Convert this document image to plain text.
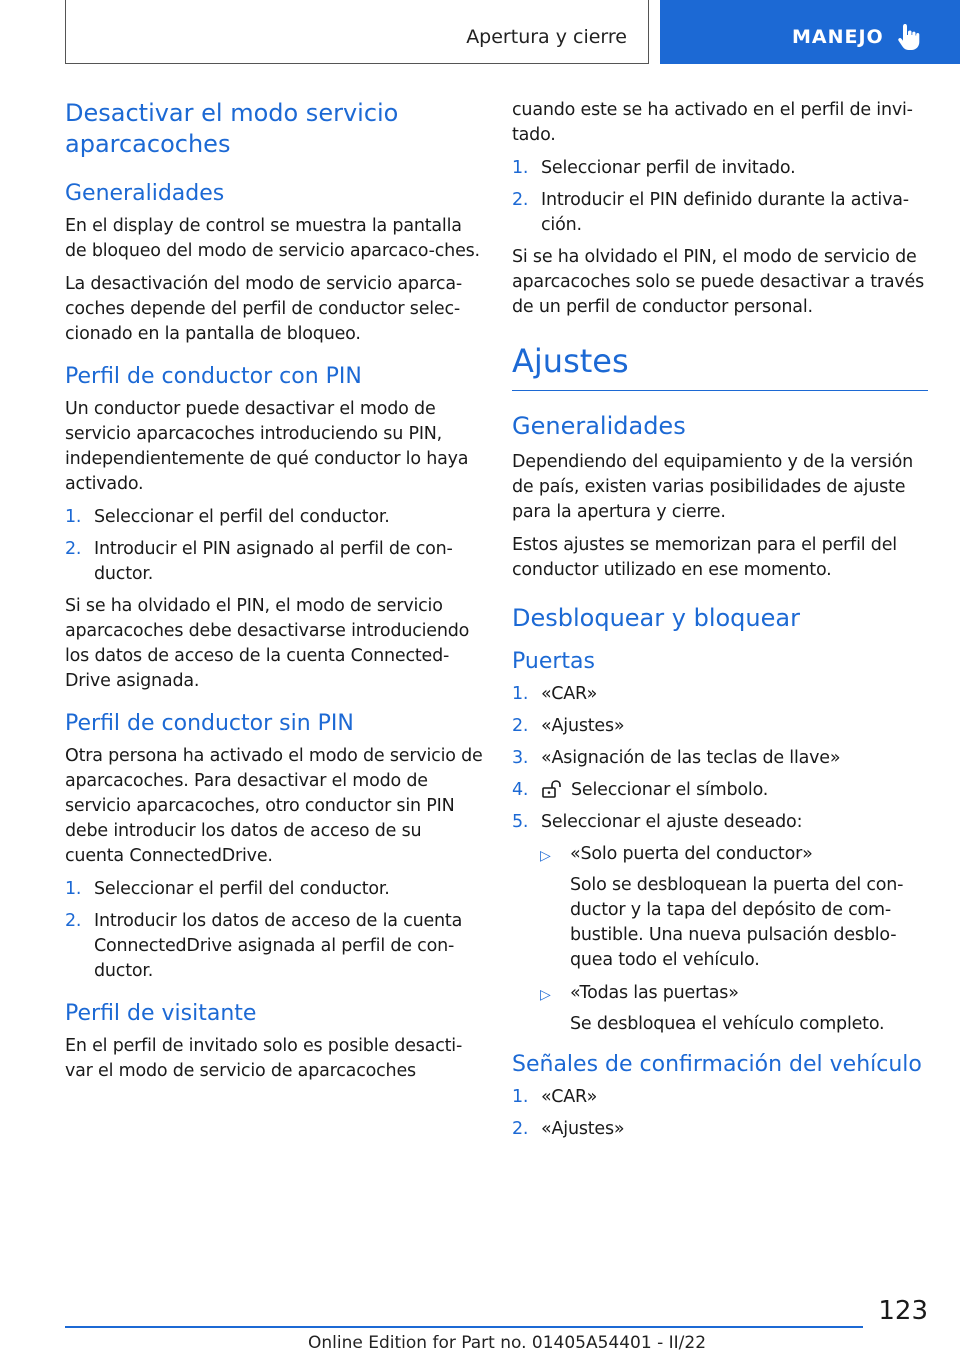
Apertura y cierre	MANEJO
Desactivar el modo servicio aparcacoches
Generalidades

En el display de control se muestra la pantalla de bloqueo del modo de servicio aparcaco-ches.

La desactivación del modo de servicio aparca-coches depende del perfil de conductor selec-cionado en la pantalla de bloqueo.

Perfil de conductor con PIN

Un conductor puede desactivar el modo de servicio aparcacoches introduciendo su PIN, independientemente de qué conductor lo haya activado.

1. Seleccionar el perfil del conductor.
2. Introducir el PIN asignado al perfil de con-ductor.

Si se ha olvidado el PIN, el modo de servicio aparcacoches debe desactivarse introduciendo los datos de acceso de la cuenta Connected-Drive asignada.

Perfil de conductor sin PIN

Otra persona ha activado el modo de servicio de aparcacoches. Para desactivar el modo de servicio aparcacoches, otro conductor sin PIN debe introducir los datos de acceso de su cuenta ConnectedDrive.

1. Seleccionar el perfil del conductor.
2. Introducir los datos de acceso de la cuenta ConnectedDrive asignada al perfil de con-ductor.
Perfil de visitante

En el perfil de invitado solo es posible desacti-var el modo de servicio de aparcacoches

cuando este se ha activado en el perfil de invi-tado.

1. Seleccionar perfil de invitado.
2. Introducir el PIN definido durante la activa-ción.

Si se ha olvidado el PIN, el modo de servicio de aparcacoches solo se puede desactivar a través de un perfil de conductor personal.

Ajustes
Generalidades

Dependiendo del equipamiento y de la versión de país, existen varias posibilidades de ajuste para la apertura y cierre.

Estos ajustes se memorizan para el perfil del conductor utilizado en ese momento.

Desbloquear y bloquear
Puertas
1. «CAR»
2. «Ajustes»
3. «Asignación de las teclas de llave»
4. Seleccionar el símbolo.
5. Seleccionar el ajuste deseado:
▷ «Solo puerta del conductor»
Solo se desbloquean la puerta del con-ductor y la tapa del depósito de com-bustible. Una nueva pulsación desblo-quea todo el vehículo.
▷ «Todas las puertas»
Se desbloquea el vehículo completo.
Señales de confirmación del vehículo
1. «CAR»
2. «Ajustes»
123
Online Edition for Part no. 01405A54401 - II/22
